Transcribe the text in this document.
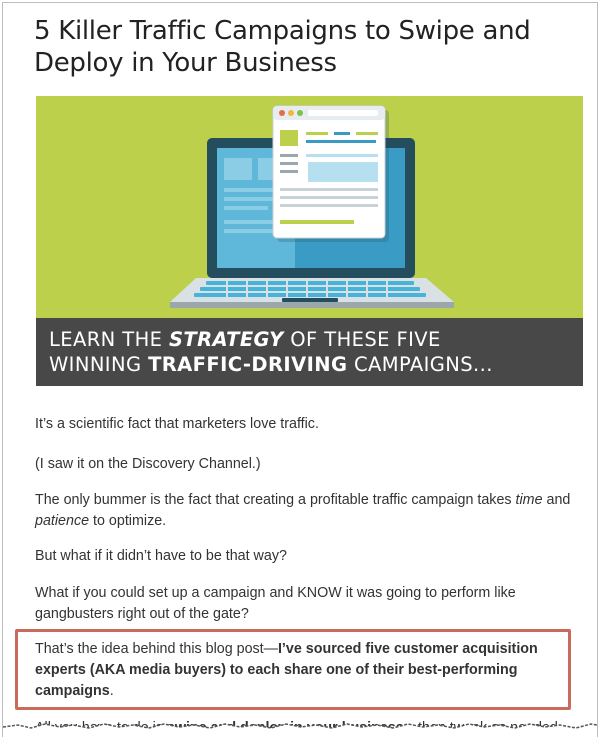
5 Killer Traffic Campaigns to Swipe and Deploy in Your Business
LEARN THE STRATEGY OF THESE FIVE
WINNING TRAFFIC-DRIVING CAMPAIGNS...

It’s a scientific fact that marketers love traffic.

(I saw it on the Discovery Channel.)

The only bummer is the fact that creating a profitable traffic campaign takes time and patience to optimize.

But what if it didn’t have to be that way?

What if you could set up a campaign and KNOW it was going to perform like gangbusters right out of the gate?

That’s the idea behind this blog post—I’ve sourced five customer acquisition experts (AKA media buyers) to each share one of their best-performing campaigns.
